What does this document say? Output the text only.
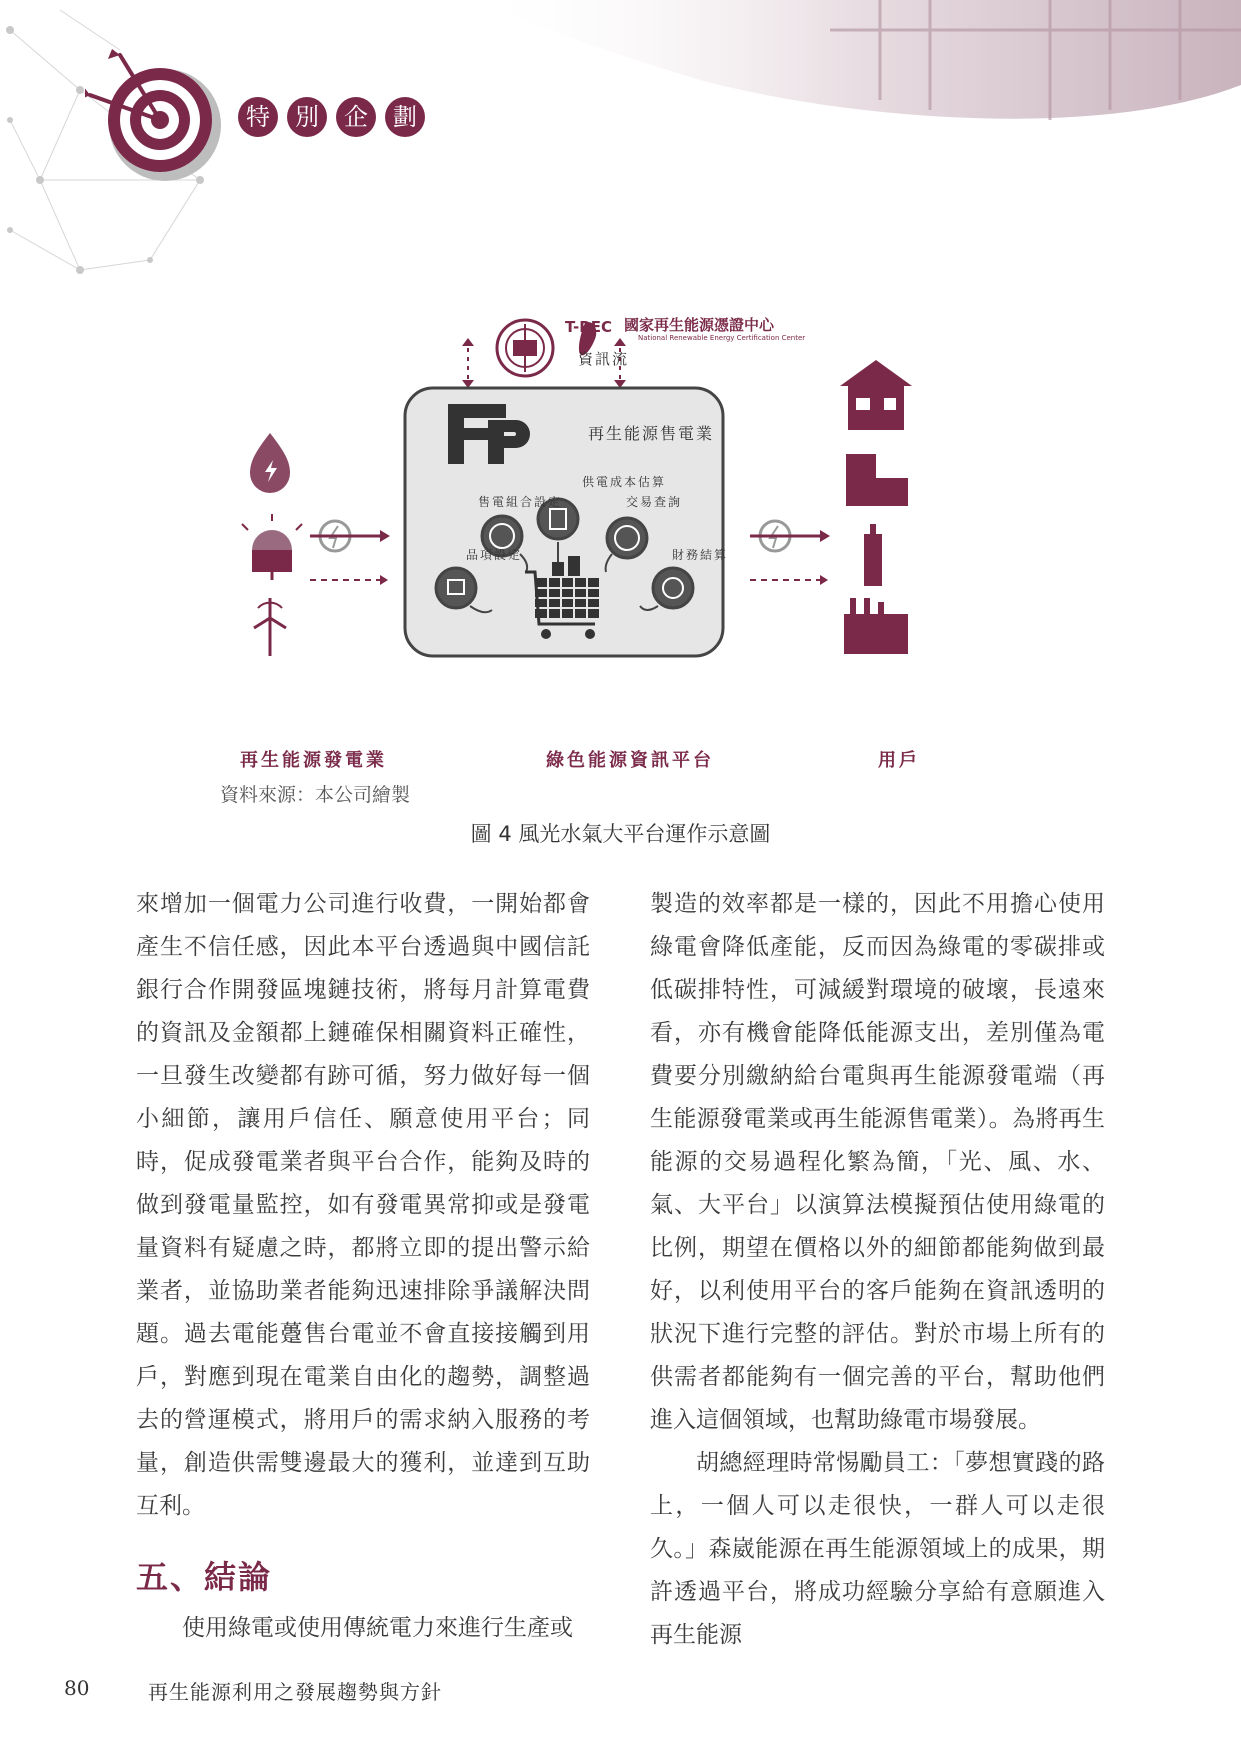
特	別	企	劃
T-REC 國家再生能源憑證中心
National Renewable Energy Certification Center
資訊流
再生能源售電業
供電成本估算
售電組合設定	交易查詢
品項設定	財務結算
再生能源發電業	綠色能源資訊平台	用戶
資料來源：本公司繪製
圖 4 風光水氣大平台運作示意圖

來增加一個電力公司進行收費，一開始都會產生不信任感，因此本平台透過與中國信託銀行合作開發區塊鏈技術，將每月計算電費的資訊及金額都上鏈確保相關資料正確性，一旦發生改變都有跡可循，努力做好每一個小細節，讓用戶信任、願意使用平台；同時，促成發電業者與平台合作，能夠及時的做到發電量監控，如有發電異常抑或是發電量資料有疑慮之時，都將立即的提出警示給業者，並協助業者能夠迅速排除爭議解決問題。過去電能躉售台電並不會直接接觸到用戶，對應到現在電業自由化的趨勢，調整過去的營運模式，將用戶的需求納入服務的考量，創造供需雙邊最大的獲利，並達到互助互利。

五、結論

使用綠電或使用傳統電力來進行生產或

製造的效率都是一樣的，因此不用擔心使用綠電會降低產能，反而因為綠電的零碳排或低碳排特性，可減緩對環境的破壞，長遠來看，亦有機會能降低能源支出，差別僅為電費要分別繳納給台電與再生能源發電端（再生能源發電業或再生能源售電業）。為將再生能源的交易過程化繁為簡，「光、風、水、氣、大平台」以演算法模擬預估使用綠電的比例，期望在價格以外的細節都能夠做到最好，以利使用平台的客戶能夠在資訊透明的狀況下進行完整的評估。對於市場上所有的供需者都能夠有一個完善的平台，幫助他們進入這個領域，也幫助綠電市場發展。

胡總經理時常惕勵員工：「夢想實踐的路上，一個人可以走很快，一群人可以走很久。」森崴能源在再生能源領域上的成果，期許透過平台，將成功經驗分享給有意願進入再生能源

80	再生能源利用之發展趨勢與方針
